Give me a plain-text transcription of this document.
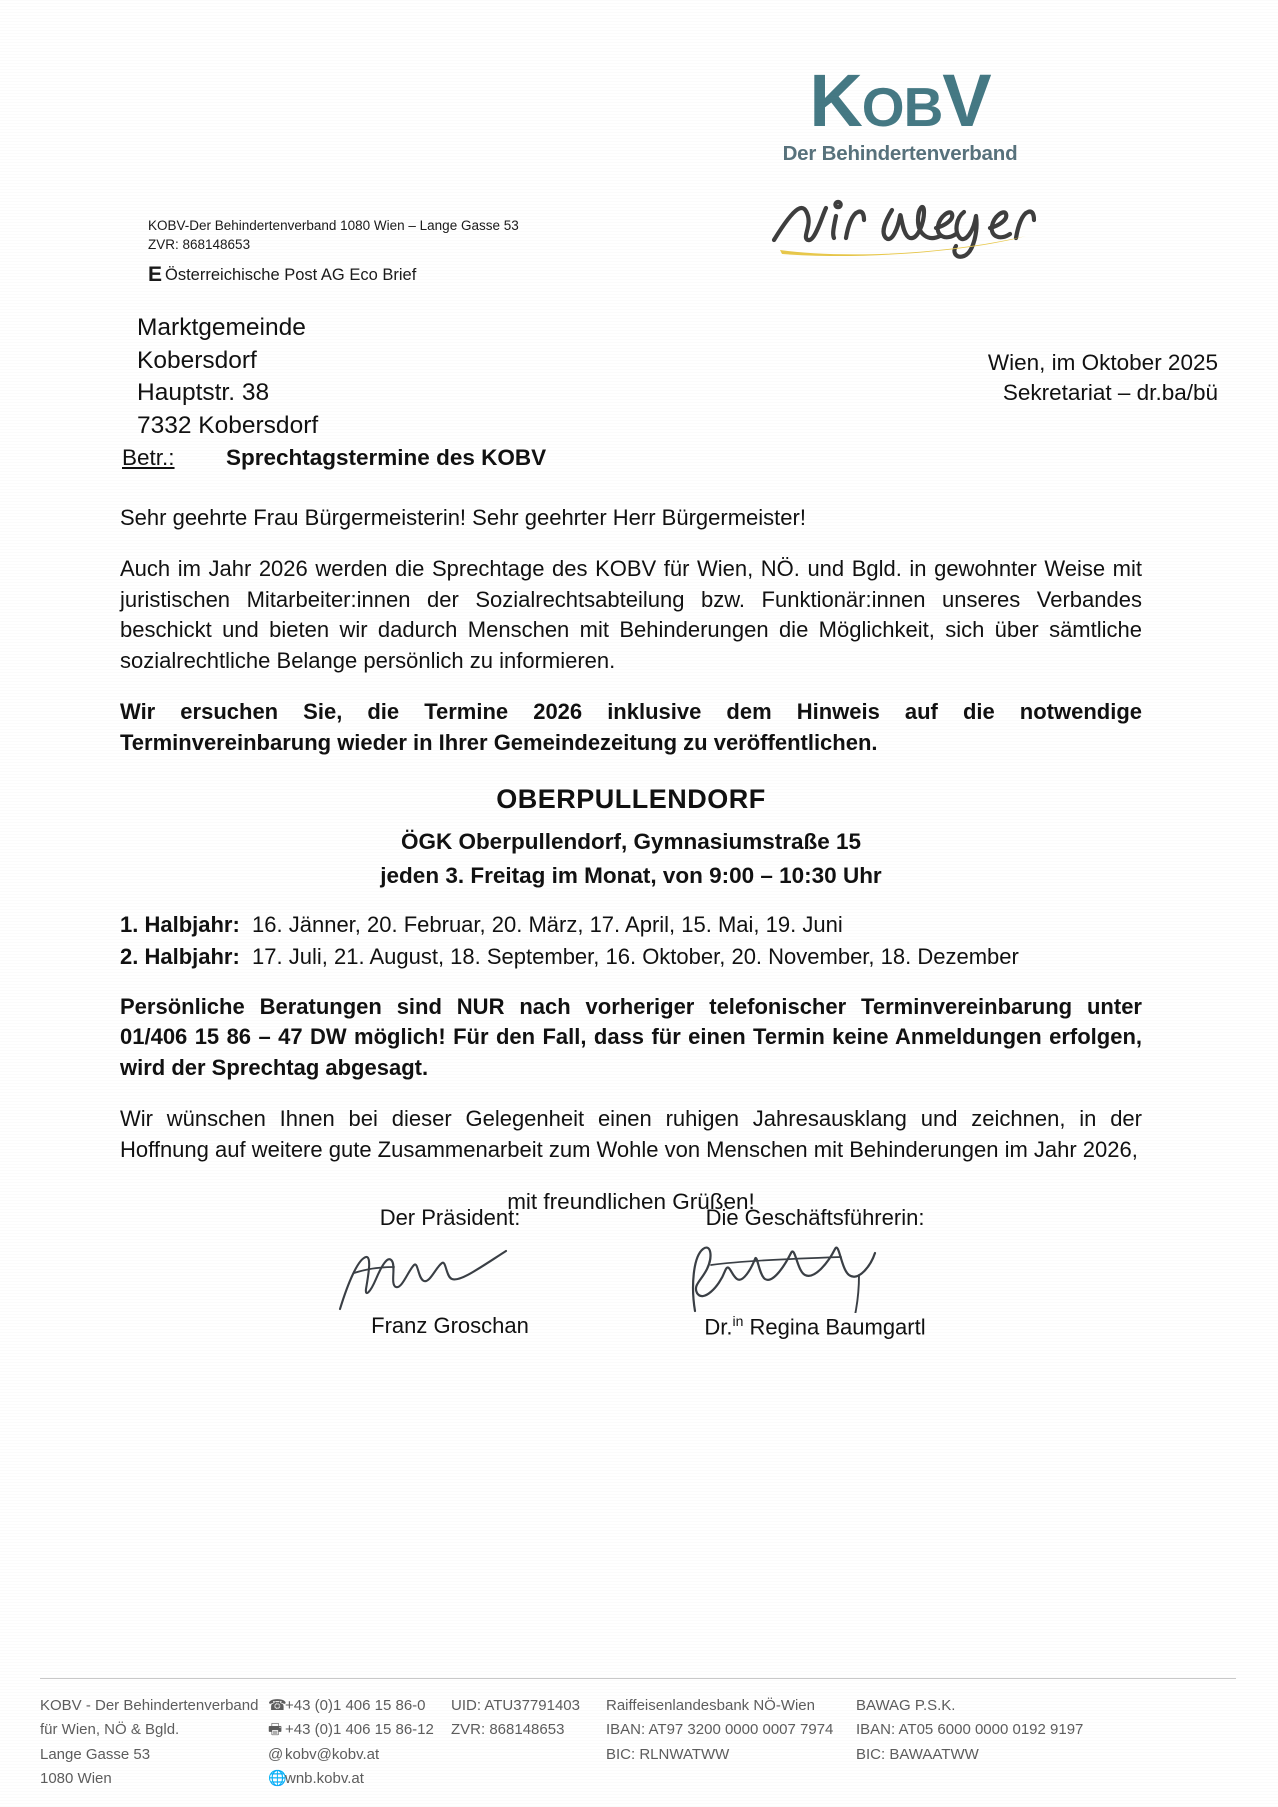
KOBV
Der Behindertenverband
KOBV-Der Behindertenverband 1080 Wien – Lange Gasse 53
ZVR: 868148653
E Österreichische Post AG Eco Brief
Marktgemeinde
Kobersdorf
Hauptstr. 38
7332 Kobersdorf
Wien, im Oktober 2025
Sekretariat – dr.ba/bü
Betr.: Sprechtagstermine des KOBV

Sehr geehrte Frau Bürgermeisterin! Sehr geehrter Herr Bürgermeister!

Auch im Jahr 2026 werden die Sprechtage des KOBV für Wien, NÖ. und Bgld. in gewohnter Weise mit juristischen Mitarbeiter:innen der Sozialrechtsabteilung bzw. Funktionär:innen unseres Verbandes beschickt und bieten wir dadurch Menschen mit Behinderungen die Möglichkeit, sich über sämtliche sozialrechtliche Belange persönlich zu informieren.

Wir ersuchen Sie, die Termine 2026 inklusive dem Hinweis auf die notwendige Terminvereinbarung wieder in Ihrer Gemeindezeitung zu veröffentlichen.

OBERPULLENDORF
ÖGK Oberpullendorf, Gymnasiumstraße 15
jeden 3. Freitag im Monat, von 9:00 – 10:30 Uhr
1. Halbjahr: 16. Jänner, 20. Februar, 20. März, 17. April, 15. Mai, 19. Juni
2. Halbjahr: 17. Juli, 21. August, 18. September, 16. Oktober, 20. November, 18. Dezember

Persönliche Beratungen sind NUR nach vorheriger telefonischer Terminvereinbarung unter 01/406 15 86 – 47 DW möglich! Für den Fall, dass für einen Termin keine Anmeldungen erfolgen, wird der Sprechtag abgesagt.

Wir wünschen Ihnen bei dieser Gelegenheit einen ruhigen Jahresausklang und zeichnen, in der Hoffnung auf weitere gute Zusammenarbeit zum Wohle von Menschen mit Behinderungen im Jahr 2026,

mit freundlichen Grüßen!
Der Präsident:
Franz Groschan
Die Geschäftsführerin:
Dr.$^{in}$ Regina Baumgartl
KOBV - Der Behindertenverband
für Wien, NÖ & Bgld.
Lange Gasse 53
1080 Wien
☎+43 (0)1 406 15 86-0
🖶 +43 (0)1 406 15 86-12
@ kobv@kobv.at
🌐wnb.kobv.at
UID: ATU37791403
ZVR: 868148653
Raiffeisenlandesbank NÖ-Wien
IBAN: AT97 3200 0000 0007 7974
BIC: RLNWATWW
BAWAG P.S.K.
IBAN: AT05 6000 0000 0192 9197
BIC: BAWAATWW
